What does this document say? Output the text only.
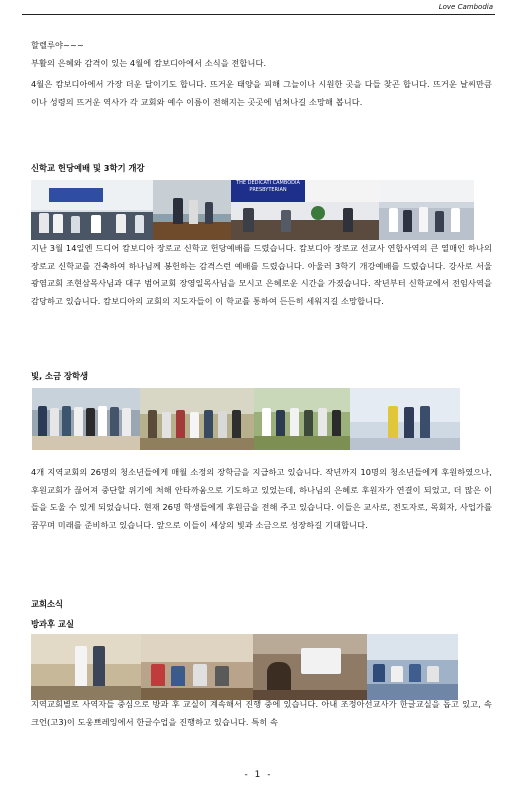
Love Cambodia
할렐루야~~~
부활의 은혜와 감격이 있는 4월에 캄보디아에서 소식을 전합니다.
4월은 캄보디아에서 가장 더운 달이기도 합니다. 뜨거운 태양을 피해 그늘이나 시원한 곳을 다들 찾곤 합니다. 뜨거운 날씨만큼이나 성령의 뜨거운 역사가 각 교회와 예수 이름이 전해지는 곳곳에 넘쳐나길 소망해 봅니다.
신학교 헌당예배 및 3학기 개강
THE DEDICATI CAMBODIA PRESBYTERIAN
지난 3월 14일엔 드디어 캄보디아 장로교 신학교 헌당예배를 드렸습니다. 캄보디아 장로교 선교사 연합사역의 큰 열매인 하나의 장로교 신학교를 건축하여 하나님께 봉헌하는 감격스런 예배를 드렸습니다. 아울러 3학기 개강예배를 드렸습니다. 강사로 서울 광염교회 조현삼목사님과 대구 범어교회 장영일목사님을 모시고 은혜로운 시간을 가졌습니다. 작년부터 신학교에서 전임사역을 감당하고 있습니다. 캄보디아의 교회의 지도자들이 이 학교를 통하여 든든히 세워지길 소망합니다.
빛, 소금 장학생
4개 지역교회의 26명의 청소년들에게 매월 소정의 장학금을 지급하고 있습니다. 작년까지 10명의 청소년들에게 후원하였으나, 후원교회가 끊어져 중단할 위기에 처해 안타까움으로 기도하고 있었는데, 하나님의 은혜로 후원자가 연결이 되었고, 더 많은 이들을 도울 수 있게 되었습니다. 현재 26명 학생들에게 후원금을 전해 주고 있습니다. 이들은 교사로, 전도자로, 목회자, 사업가를 꿈꾸며 미래를 준비하고 있습니다. 앞으로 이들이 세상의 빛과 소금으로 성장하길 기대합니다.
교회소식
방과후 교실
지역교회별로 사역자들 중심으로 방과 후 교실이 계속해서 진행 중에 있습니다. 아내 조정아선교사가 한글교실을 돕고 있고, 속크언(고3)이 도웅쁘레잉에서 한글수업을 진행하고 있습니다. 특히 속
- 1 -
